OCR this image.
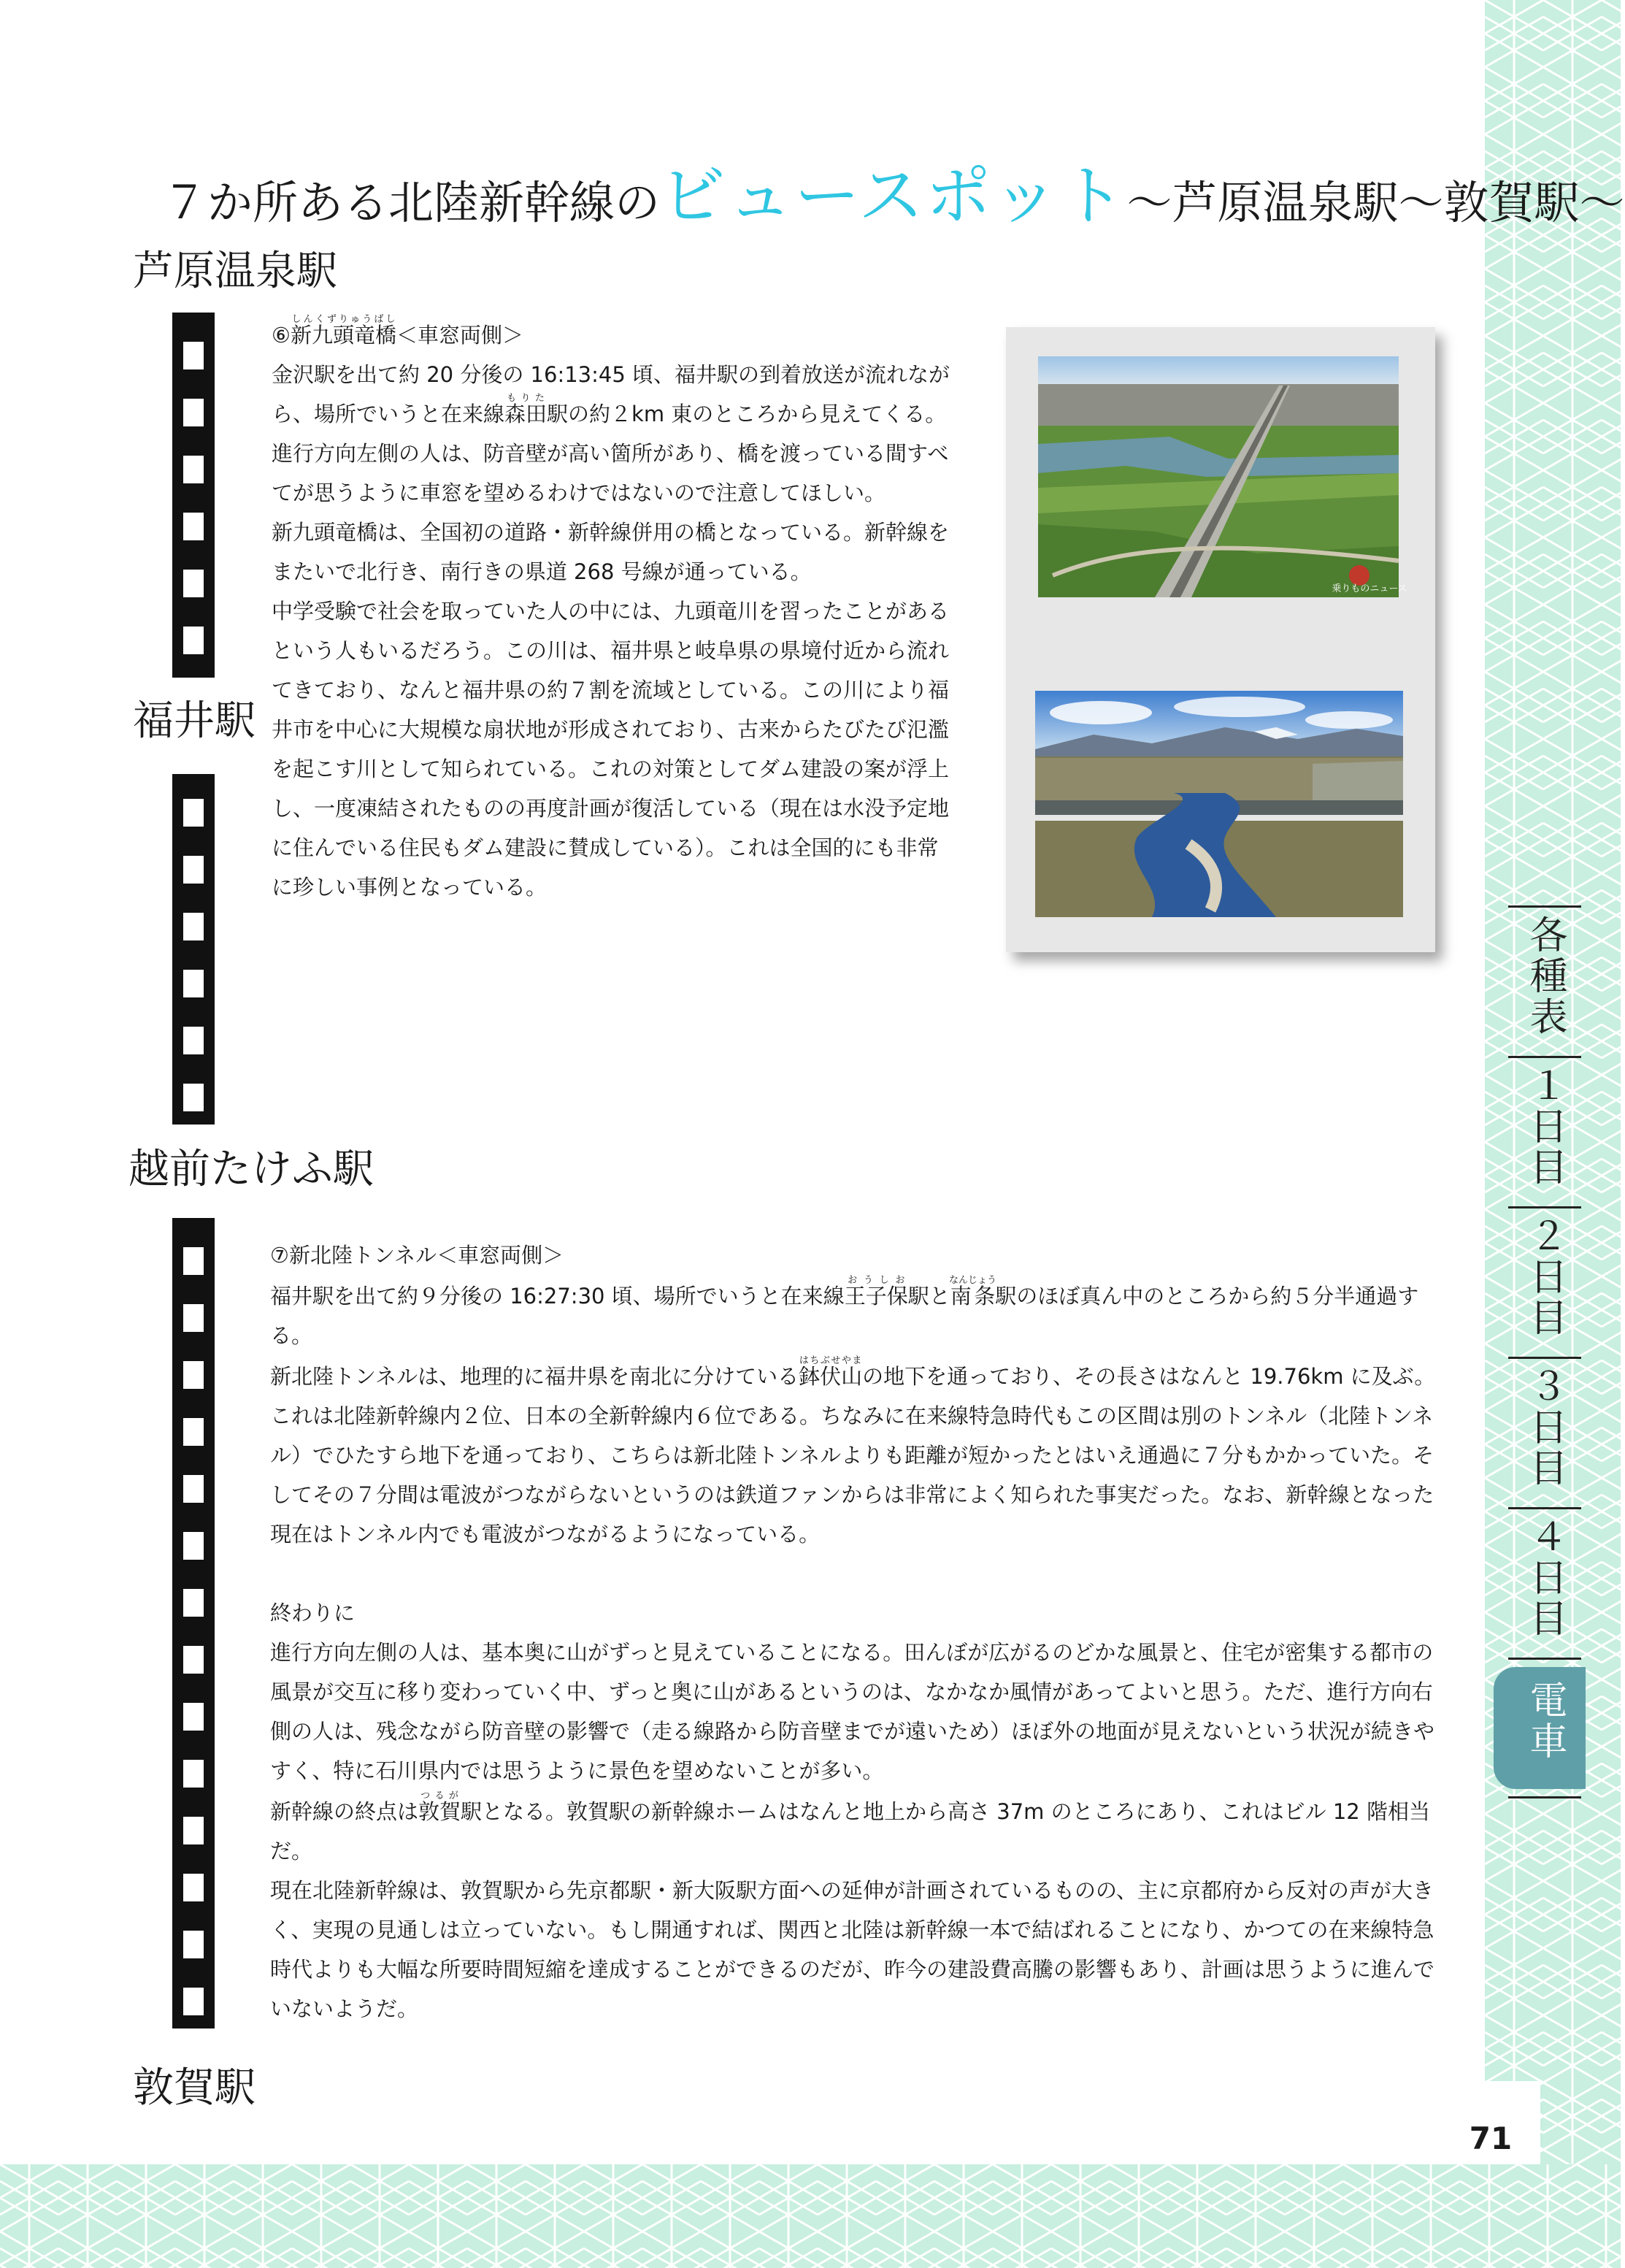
７か所ある北陸新幹線のビュースポット〜芦原温泉駅〜敦賀駅〜
芦原温泉駅
福井駅
越前たけふ駅
敦賀駅

⑥新九頭竜橋しんくずりゅうばし＜車窓両側＞

金沢駅を出て約 20 分後の 16:13:45 頃、福井駅の到着放送が流れながら、場所でいうと在来線森田もりた駅の約２km 東のところから見えてくる。進行方向左側の人は、防音壁が高い箇所があり、橋を渡っている間すべてが思うように車窓を望めるわけではないので注意してほしい。

新九頭竜橋は、全国初の道路・新幹線併用の橋となっている。新幹線をまたいで北行き、南行きの県道 268 号線が通っている。

中学受験で社会を取っていた人の中には、九頭竜川を習ったことがあるという人もいるだろう。この川は、福井県と岐阜県の県境付近から流れてきており、なんと福井県の約７割を流域としている。この川により福井市を中心に大規模な扇状地が形成されており、古来からたびたび氾濫を起こす川として知られている。これの対策としてダム建設の案が浮上し、一度凍結されたものの再度計画が復活している（現在は水没予定地に住んでいる住民もダム建設に賛成している）。これは全国的にも非常に珍しい事例となっている。

乗りものニュース

⑦新北陸トンネル＜車窓両側＞

福井駅を出て約９分後の 16:27:30 頃、場所でいうと在来線王子保おうしお駅と南条なんじょう駅のほぼ真ん中のところから約５分半通過する。

新北陸トンネルは、地理的に福井県を南北に分けている鉢伏山はちぶせやまの地下を通っており、その長さはなんと 19.76km に及ぶ。これは北陸新幹線内２位、日本の全新幹線内６位である。ちなみに在来線特急時代もこの区間は別のトンネル（北陸トンネル）でひたすら地下を通っており、こちらは新北陸トンネルよりも距離が短かったとはいえ通過に７分もかかっていた。そしてその７分間は電波がつながらないというのは鉄道ファンからは非常によく知られた事実だった。なお、新幹線となった現在はトンネル内でも電波がつながるようになっている。

終わりに

進行方向左側の人は、基本奥に山がずっと見えていることになる。田んぼが広がるのどかな風景と、住宅が密集する都市の風景が交互に移り変わっていく中、ずっと奥に山があるというのは、なかなか風情があってよいと思う。ただ、進行方向右側の人は、残念ながら防音壁の影響で（走る線路から防音壁までが遠いため）ほぼ外の地面が見えないという状況が続きやすく、特に石川県内では思うように景色を望めないことが多い。

新幹線の終点は敦賀つるが駅となる。敦賀駅の新幹線ホームはなんと地上から高さ 37m のところにあり、これはビル 12 階相当だ。

現在北陸新幹線は、敦賀駅から先京都駅・新大阪駅方面への延伸が計画されているものの、主に京都府から反対の声が大きく、実現の見通しは立っていない。もし開通すれば、関西と北陸は新幹線一本で結ばれることになり、かつての在来線特急時代よりも大幅な所要時間短縮を達成することができるのだが、昨今の建設費高騰の影響もあり、計画は思うように進んでいないようだ。

各種表
１日目
２日目
３日目
４日目
電車
71
